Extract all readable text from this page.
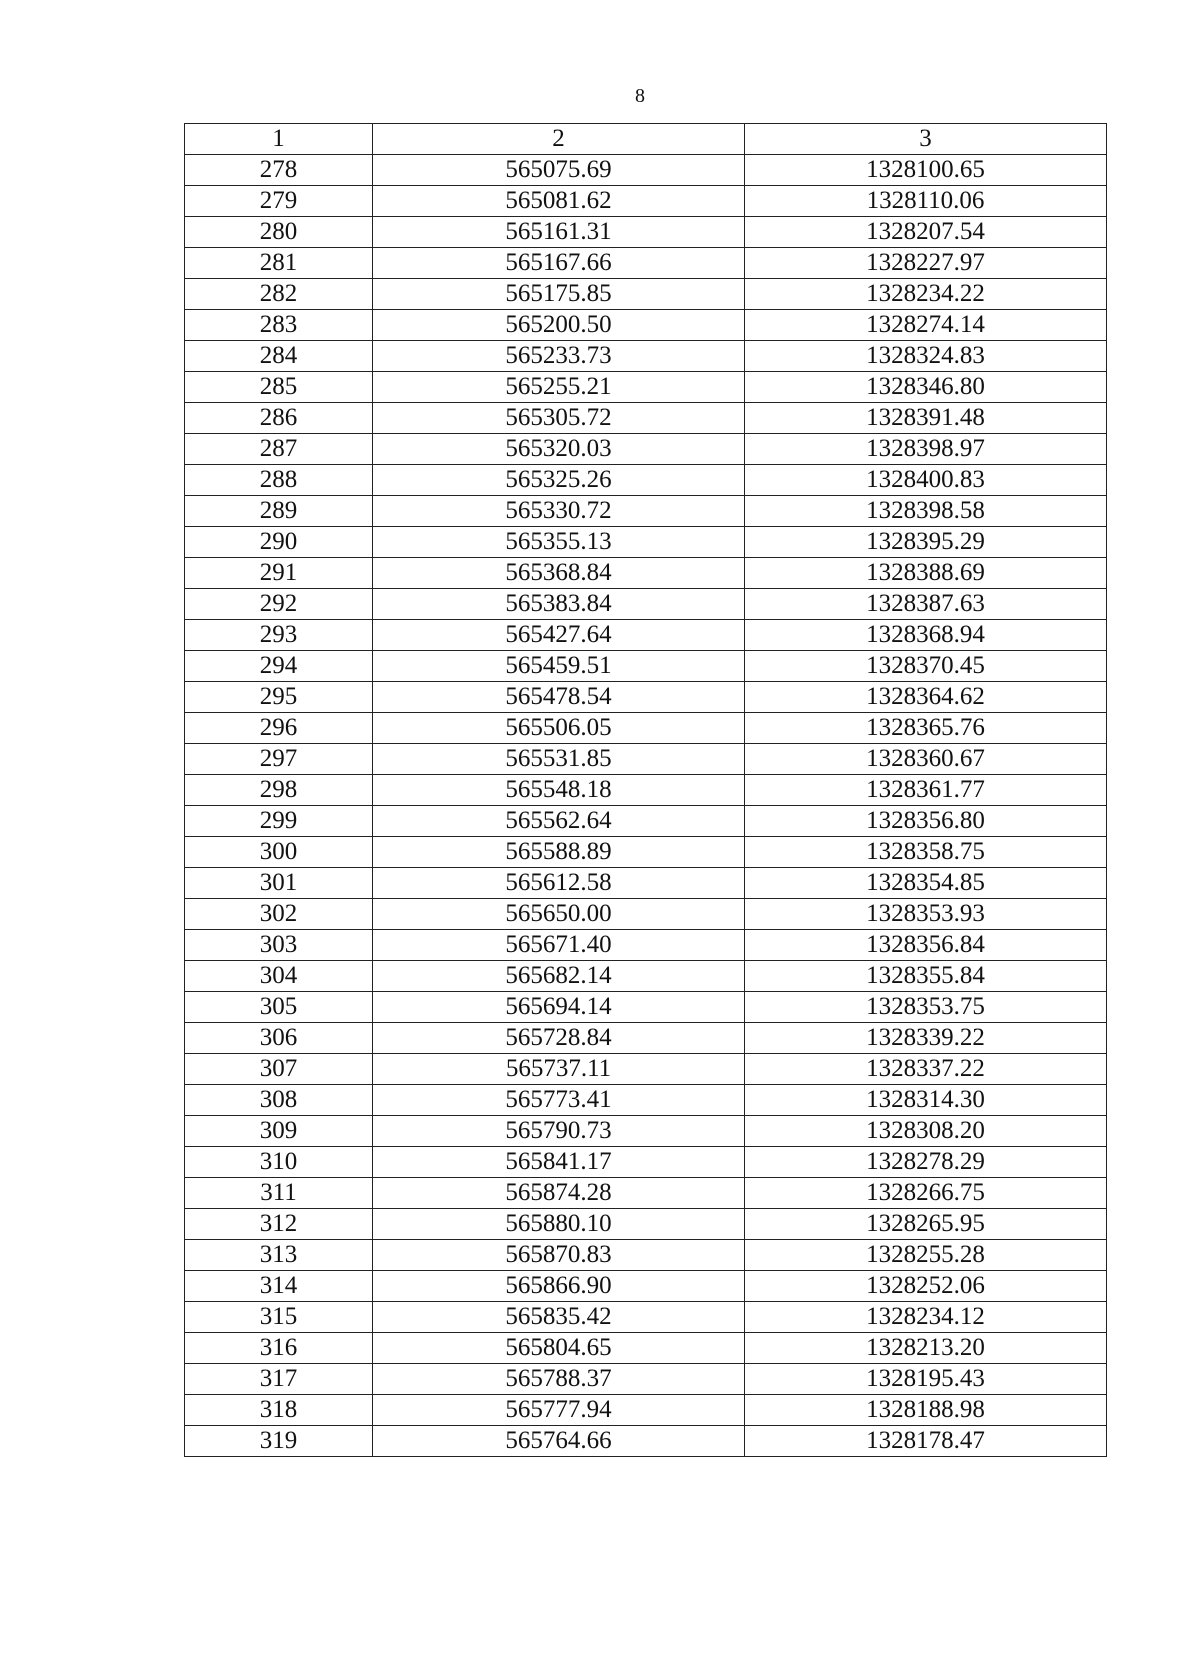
8
1	2	3
278	565075.69	1328100.65
279	565081.62	1328110.06
280	565161.31	1328207.54
281	565167.66	1328227.97
282	565175.85	1328234.22
283	565200.50	1328274.14
284	565233.73	1328324.83
285	565255.21	1328346.80
286	565305.72	1328391.48
287	565320.03	1328398.97
288	565325.26	1328400.83
289	565330.72	1328398.58
290	565355.13	1328395.29
291	565368.84	1328388.69
292	565383.84	1328387.63
293	565427.64	1328368.94
294	565459.51	1328370.45
295	565478.54	1328364.62
296	565506.05	1328365.76
297	565531.85	1328360.67
298	565548.18	1328361.77
299	565562.64	1328356.80
300	565588.89	1328358.75
301	565612.58	1328354.85
302	565650.00	1328353.93
303	565671.40	1328356.84
304	565682.14	1328355.84
305	565694.14	1328353.75
306	565728.84	1328339.22
307	565737.11	1328337.22
308	565773.41	1328314.30
309	565790.73	1328308.20
310	565841.17	1328278.29
311	565874.28	1328266.75
312	565880.10	1328265.95
313	565870.83	1328255.28
314	565866.90	1328252.06
315	565835.42	1328234.12
316	565804.65	1328213.20
317	565788.37	1328195.43
318	565777.94	1328188.98
319	565764.66	1328178.47
